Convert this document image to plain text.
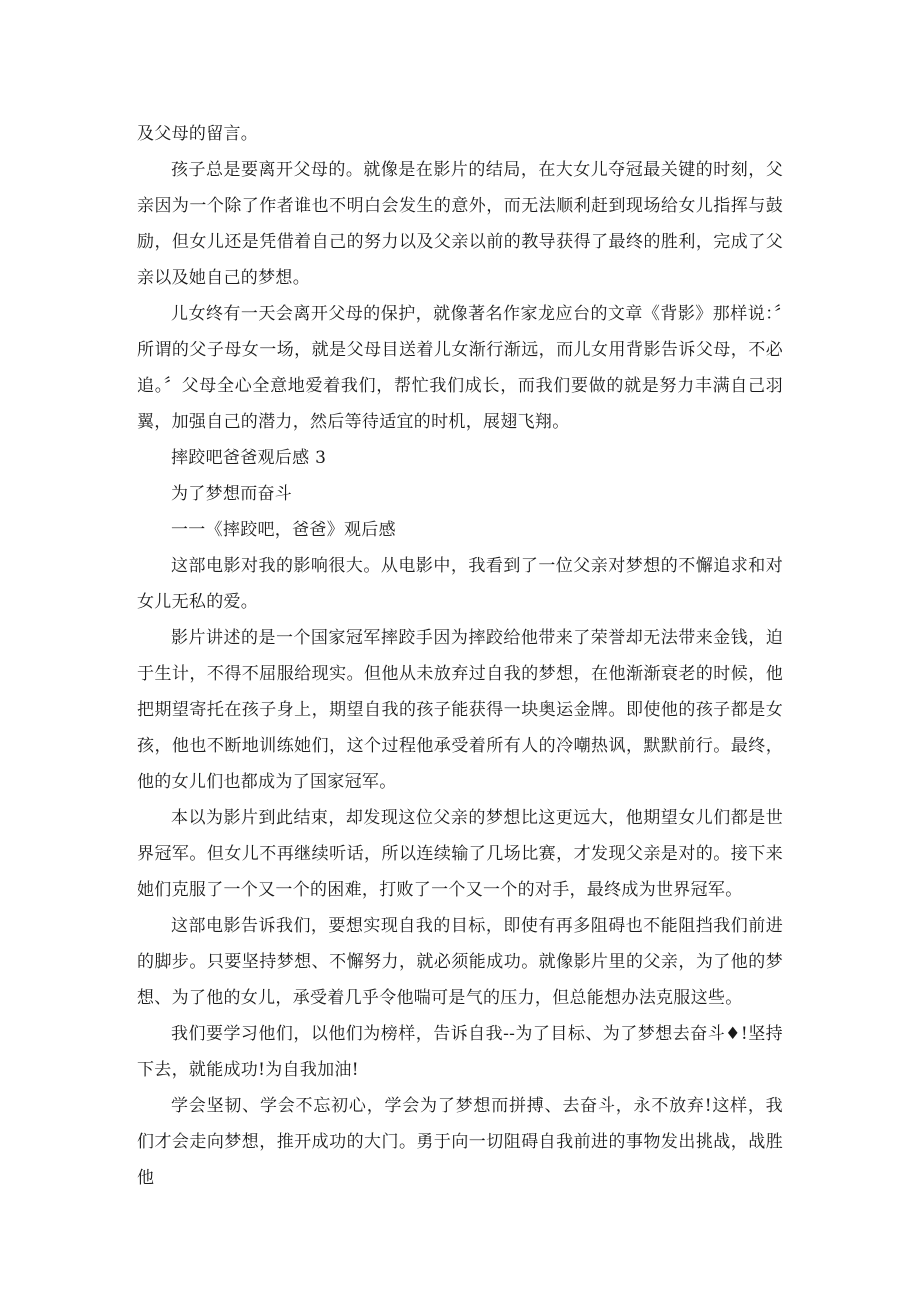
及父母的留言。

孩子总是要离开父母的。就像是在影片的结局，在大女儿夺冠最关键的时刻，父亲因为一个除了作者谁也不明白会发生的意外，而无法顺利赶到现场给女儿指挥与鼓励，但女儿还是凭借着自己的努力以及父亲以前的教导获得了最终的胜利，完成了父亲以及她自己的梦想。

儿女终有一天会离开父母的保护，就像著名作家龙应台的文章《背影》那样说：〞所谓的父子母女一场，就是父母目送着儿女渐行渐远，而儿女用背影告诉父母，不必追。〞父母全心全意地爱着我们，帮忙我们成长，而我们要做的就是努力丰满自己羽翼，加强自己的潜力，然后等待适宜的时机，展翅飞翔。

摔跤吧爸爸观后感 3

为了梦想而奋斗

一一《摔跤吧，爸爸》观后感

这部电影对我的影响很大。从电影中，我看到了一位父亲对梦想的不懈追求和对女儿无私的爱。

影片讲述的是一个国家冠军摔跤手因为摔跤给他带来了荣誉却无法带来金钱，迫于生计，不得不屈服给现实。但他从未放弃过自我的梦想，在他渐渐衰老的时候，他把期望寄托在孩子身上，期望自我的孩子能获得一块奥运金牌。即使他的孩子都是女孩，他也不断地训练她们，这个过程他承受着所有人的冷嘲热讽，默默前行。最终，他的女儿们也都成为了国家冠军。

本以为影片到此结束，却发现这位父亲的梦想比这更远大，他期望女儿们都是世界冠军。但女儿不再继续听话，所以连续输了几场比赛，才发现父亲是对的。接下来她们克服了一个又一个的困难，打败了一个又一个的对手，最终成为世界冠军。

这部电影告诉我们，要想实现自我的目标，即使有再多阻碍也不能阻挡我们前进的脚步。只要坚持梦想、不懈努力，就必须能成功。就像影片里的父亲，为了他的梦想、为了他的女儿，承受着几乎令他喘可是气的压力，但总能想办法克服这些。

我们要学习他们，以他们为榜样，告诉自我--为了目标、为了梦想去奋斗♦!坚持下去，就能成功!为自我加油!

学会坚韧、学会不忘初心，学会为了梦想而拼搏、去奋斗，永不放弃!这样，我们才会走向梦想，推开成功的大门。勇于向一切阻碍自我前进的事物发出挑战，战胜他
